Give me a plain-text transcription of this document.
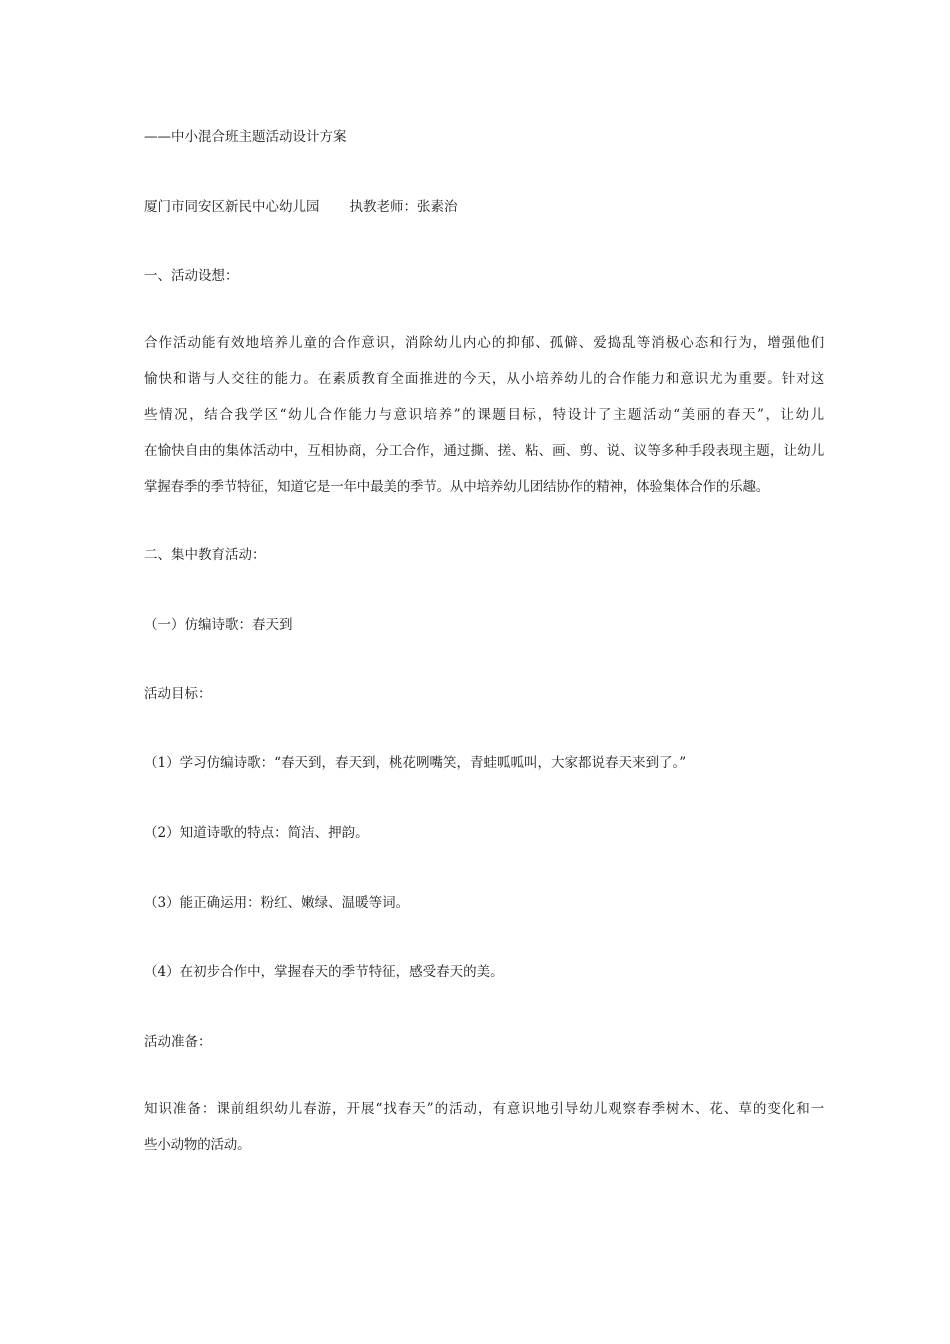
——中小混合班主题活动设计方案

厦门市同安区新民中心幼儿园 执教老师：张素治

一、活动设想：

合作活动能有效地培养儿童的合作意识，消除幼儿内心的抑郁、孤僻、爱捣乱等消极心态和行为，增强他们
愉快和谐与人交往的能力。在素质教育全面推进的今天，从小培养幼儿的合作能力和意识尤为重要。针对这
些情况，结合我学区“幼儿合作能力与意识培养”的课题目标，特设计了主题活动“美丽的春天”，让幼儿
在愉快自由的集体活动中，互相协商，分工合作，通过撕、搓、粘、画、剪、说、议等多种手段表现主题，让幼儿
掌握春季的季节特征，知道它是一年中最美的季节。从中培养幼儿团结协作的精神，体验集体合作的乐趣。

二、集中教育活动：

（一）仿编诗歌：春天到

活动目标：

（1）学习仿编诗歌：“春天到，春天到，桃花咧嘴笑，青蛙呱呱叫，大家都说春天来到了。”

（2）知道诗歌的特点：简洁、押韵。

（3）能正确运用：粉红、嫩绿、温暖等词。

（4）在初步合作中，掌握春天的季节特征，感受春天的美。

活动准备：

知识准备：课前组织幼儿春游，开展“找春天”的活动，有意识地引导幼儿观察春季树木、花、草的变化和一
些小动物的活动。
